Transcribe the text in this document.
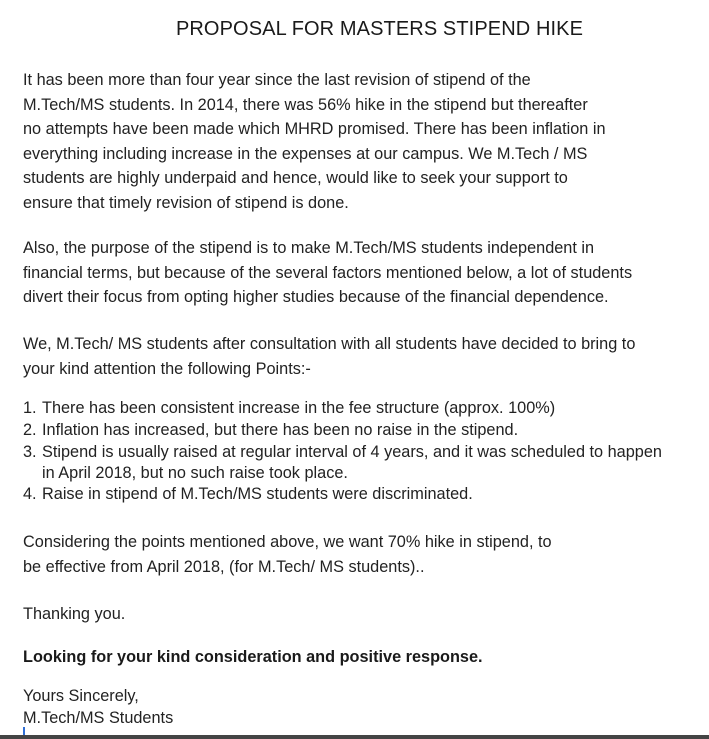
PROPOSAL FOR MASTERS STIPEND HIKE

It has been more than four year since the last revision of stipend of the
M.Tech/MS students. In 2014, there was 56% hike in the stipend but thereafter
no attempts have been made which MHRD promised. There has been inflation in
everything including increase in the expenses at our campus. We M.Tech / MS
students are highly underpaid and hence, would like to seek your support to
ensure that timely revision of stipend is done.

Also, the purpose of the stipend is to make M.Tech/MS students independent in
financial terms, but because of the several factors mentioned below, a lot of students
divert their focus from opting higher studies because of the financial dependence.

We, M.Tech/ MS students after consultation with all students have decided to bring to
your kind attention the following Points:-

1. There has been consistent increase in the fee structure (approx. 100%)
2. Inflation has increased, but there has been no raise in the stipend.
3. Stipend is usually raised at regular interval of 4 years, and it was scheduled to happen
in April 2018, but no such raise took place.
4. Raise in stipend of M.Tech/MS students were discriminated.

Considering the points mentioned above, we want 70% hike in stipend, to
be effective from April 2018, (for M.Tech/ MS students)..

Thanking you.

Looking for your kind consideration and positive response.

Yours Sincerely,
M.Tech/MS Students
